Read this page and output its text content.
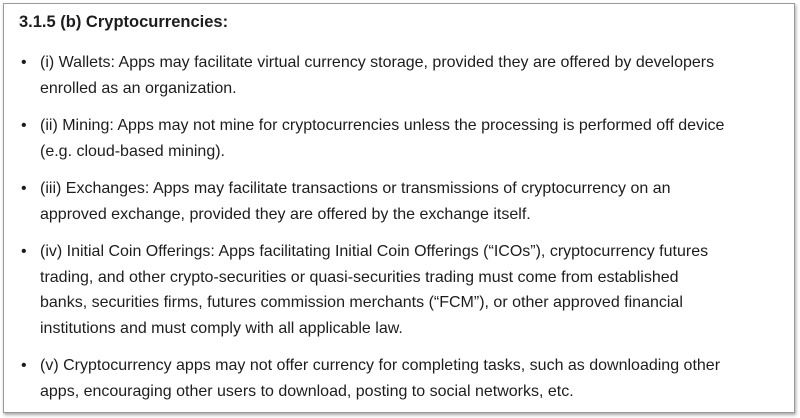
3.1.5 (b) Cryptocurrencies:
• (i) Wallets: Apps may facilitate virtual currency storage, provided they are offered by developers
enrolled as an organization.
• (ii) Mining: Apps may not mine for cryptocurrencies unless the processing is performed off device
(e.g. cloud-based mining).
• (iii) Exchanges: Apps may facilitate transactions or transmissions of cryptocurrency on an
approved exchange, provided they are offered by the exchange itself.
• (iv) Initial Coin Offerings: Apps facilitating Initial Coin Offerings (“ICOs”), cryptocurrency futures
trading, and other crypto-securities or quasi-securities trading must come from established
banks, securities firms, futures commission merchants (“FCM”), or other approved financial
institutions and must comply with all applicable law.
• (v) Cryptocurrency apps may not offer currency for completing tasks, such as downloading other
apps, encouraging other users to download, posting to social networks, etc.
